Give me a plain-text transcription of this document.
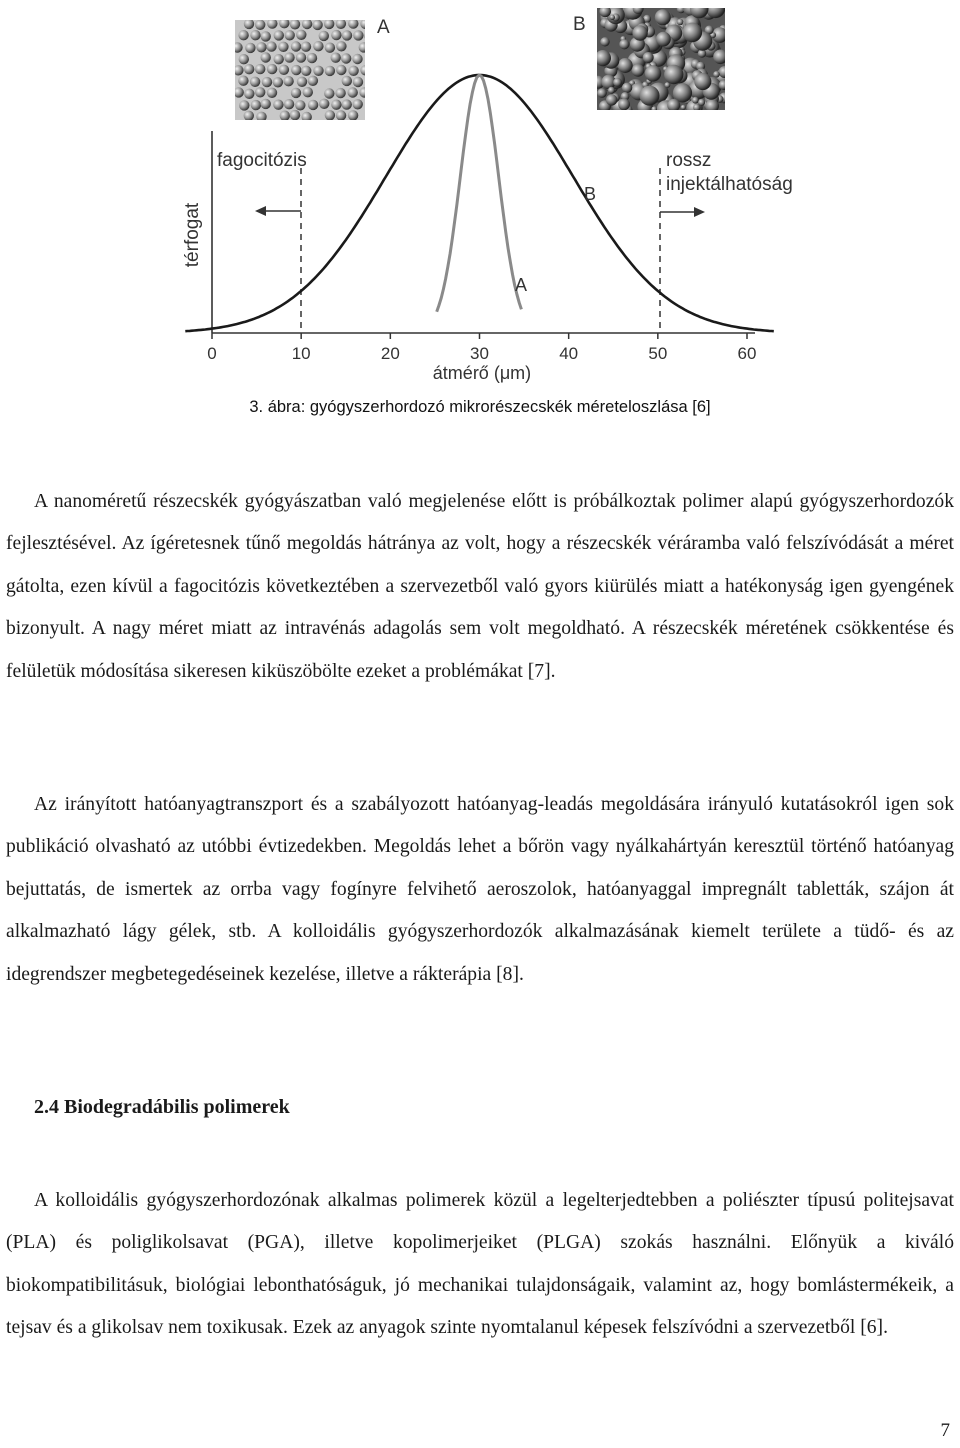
A	B
térfogat
0	10	20	30	40	50	60
átmérő (μm)
fagocitózis	rossz
injektálhatóság
B
A
3. ábra: gyógyszerhordozó mikrorészecskék méreteloszlása [6]

A nanoméretű részecskék gyógyászatban való megjelenése előtt is próbálkoztak polimer alapú gyógyszerhordozók fejlesztésével. Az ígéretesnek tűnő megoldás hátránya az volt, hogy a részecskék véráramba való felszívódását a méret gátolta, ezen kívül a fagocitózis következtében a szervezetből való gyors kiürülés miatt a hatékonyság igen gyengének bizonyult. A nagy méret miatt az intravénás adagolás sem volt megoldható. A részecskék méretének csökkentése és felületük módosítása sikeresen kiküszöbölte ezeket a problémákat [7].

Az irányított hatóanyagtranszport és a szabályozott hatóanyag-leadás megoldására irányuló kutatásokról igen sok publikáció olvasható az utóbbi évtizedekben. Megoldás lehet a bőrön vagy nyálkahártyán keresztül történő hatóanyag bejuttatás, de ismertek az orrba vagy fogínyre felvihető aeroszolok, hatóanyaggal impregnált tabletták, szájon át alkalmazható lágy gélek, stb. A kolloidális gyógyszerhordozók alkalmazásának kiemelt területe a tüdő- és az idegrendszer megbetegedéseinek kezelése, illetve a rákterápia [8].

2.4 Biodegradábilis polimerek

A kolloidális gyógyszerhordozónak alkalmas polimerek közül a legelterjedtebben a poliészter típusú politejsavat (PLA) és poliglikolsavat (PGA), illetve kopolimerjeiket (PLGA) szokás használni. Előnyük a kiváló biokompatibilitásuk, biológiai lebonthatóságuk, jó mechanikai tulajdonságaik, valamint az, hogy bomlástermékeik, a tejsav és a glikolsav nem toxikusak. Ezek az anyagok szinte nyomtalanul képesek felszívódni a szervezetből [6].

7
